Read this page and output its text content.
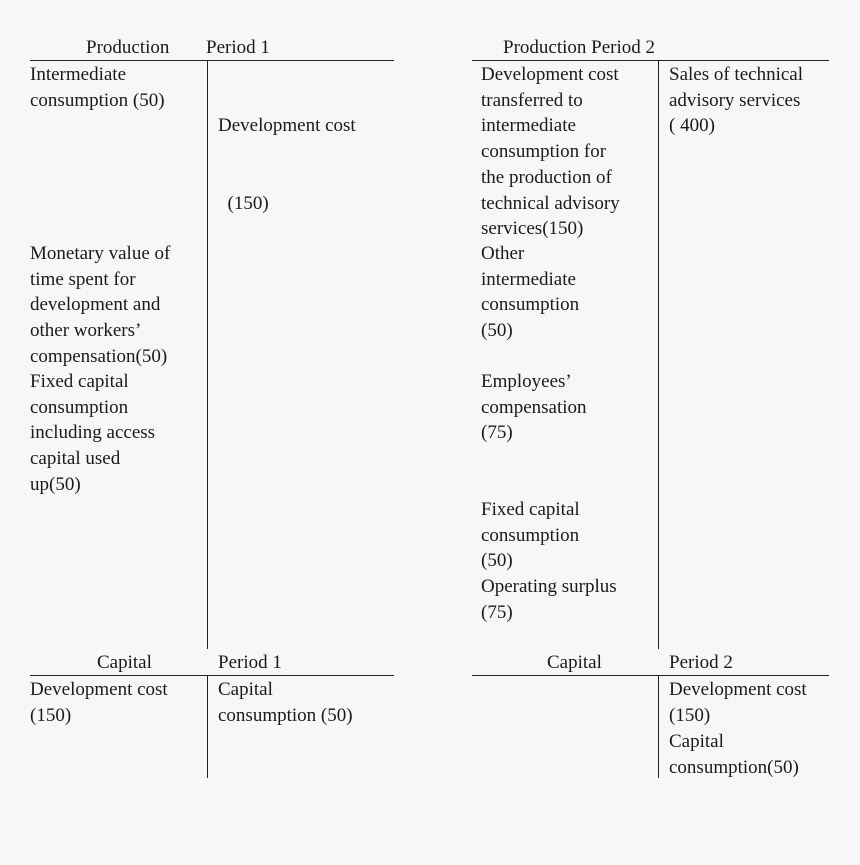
Production Period 1
Intermediate
consumption (50)
Monetary value of
time spent for
development and
other workers’
compensation(50)
Fixed capital
consumption
including access
capital used
up(50)

Development cost

(150)

Production Period 2
Development cost
transferred to
intermediate
consumption for
the production of
technical advisory
services(150)
Other
intermediate
consumption
(50)
Employees’
compensation
(75)
Fixed capital
consumption
(50)
Operating surplus
(75)
Sales of technical
advisory services
( 400)
Capital	Period 1
Development cost
(150)
Capital
consumption (50)
Capital	Period 2
Development cost
(150)
Capital
consumption(50)
